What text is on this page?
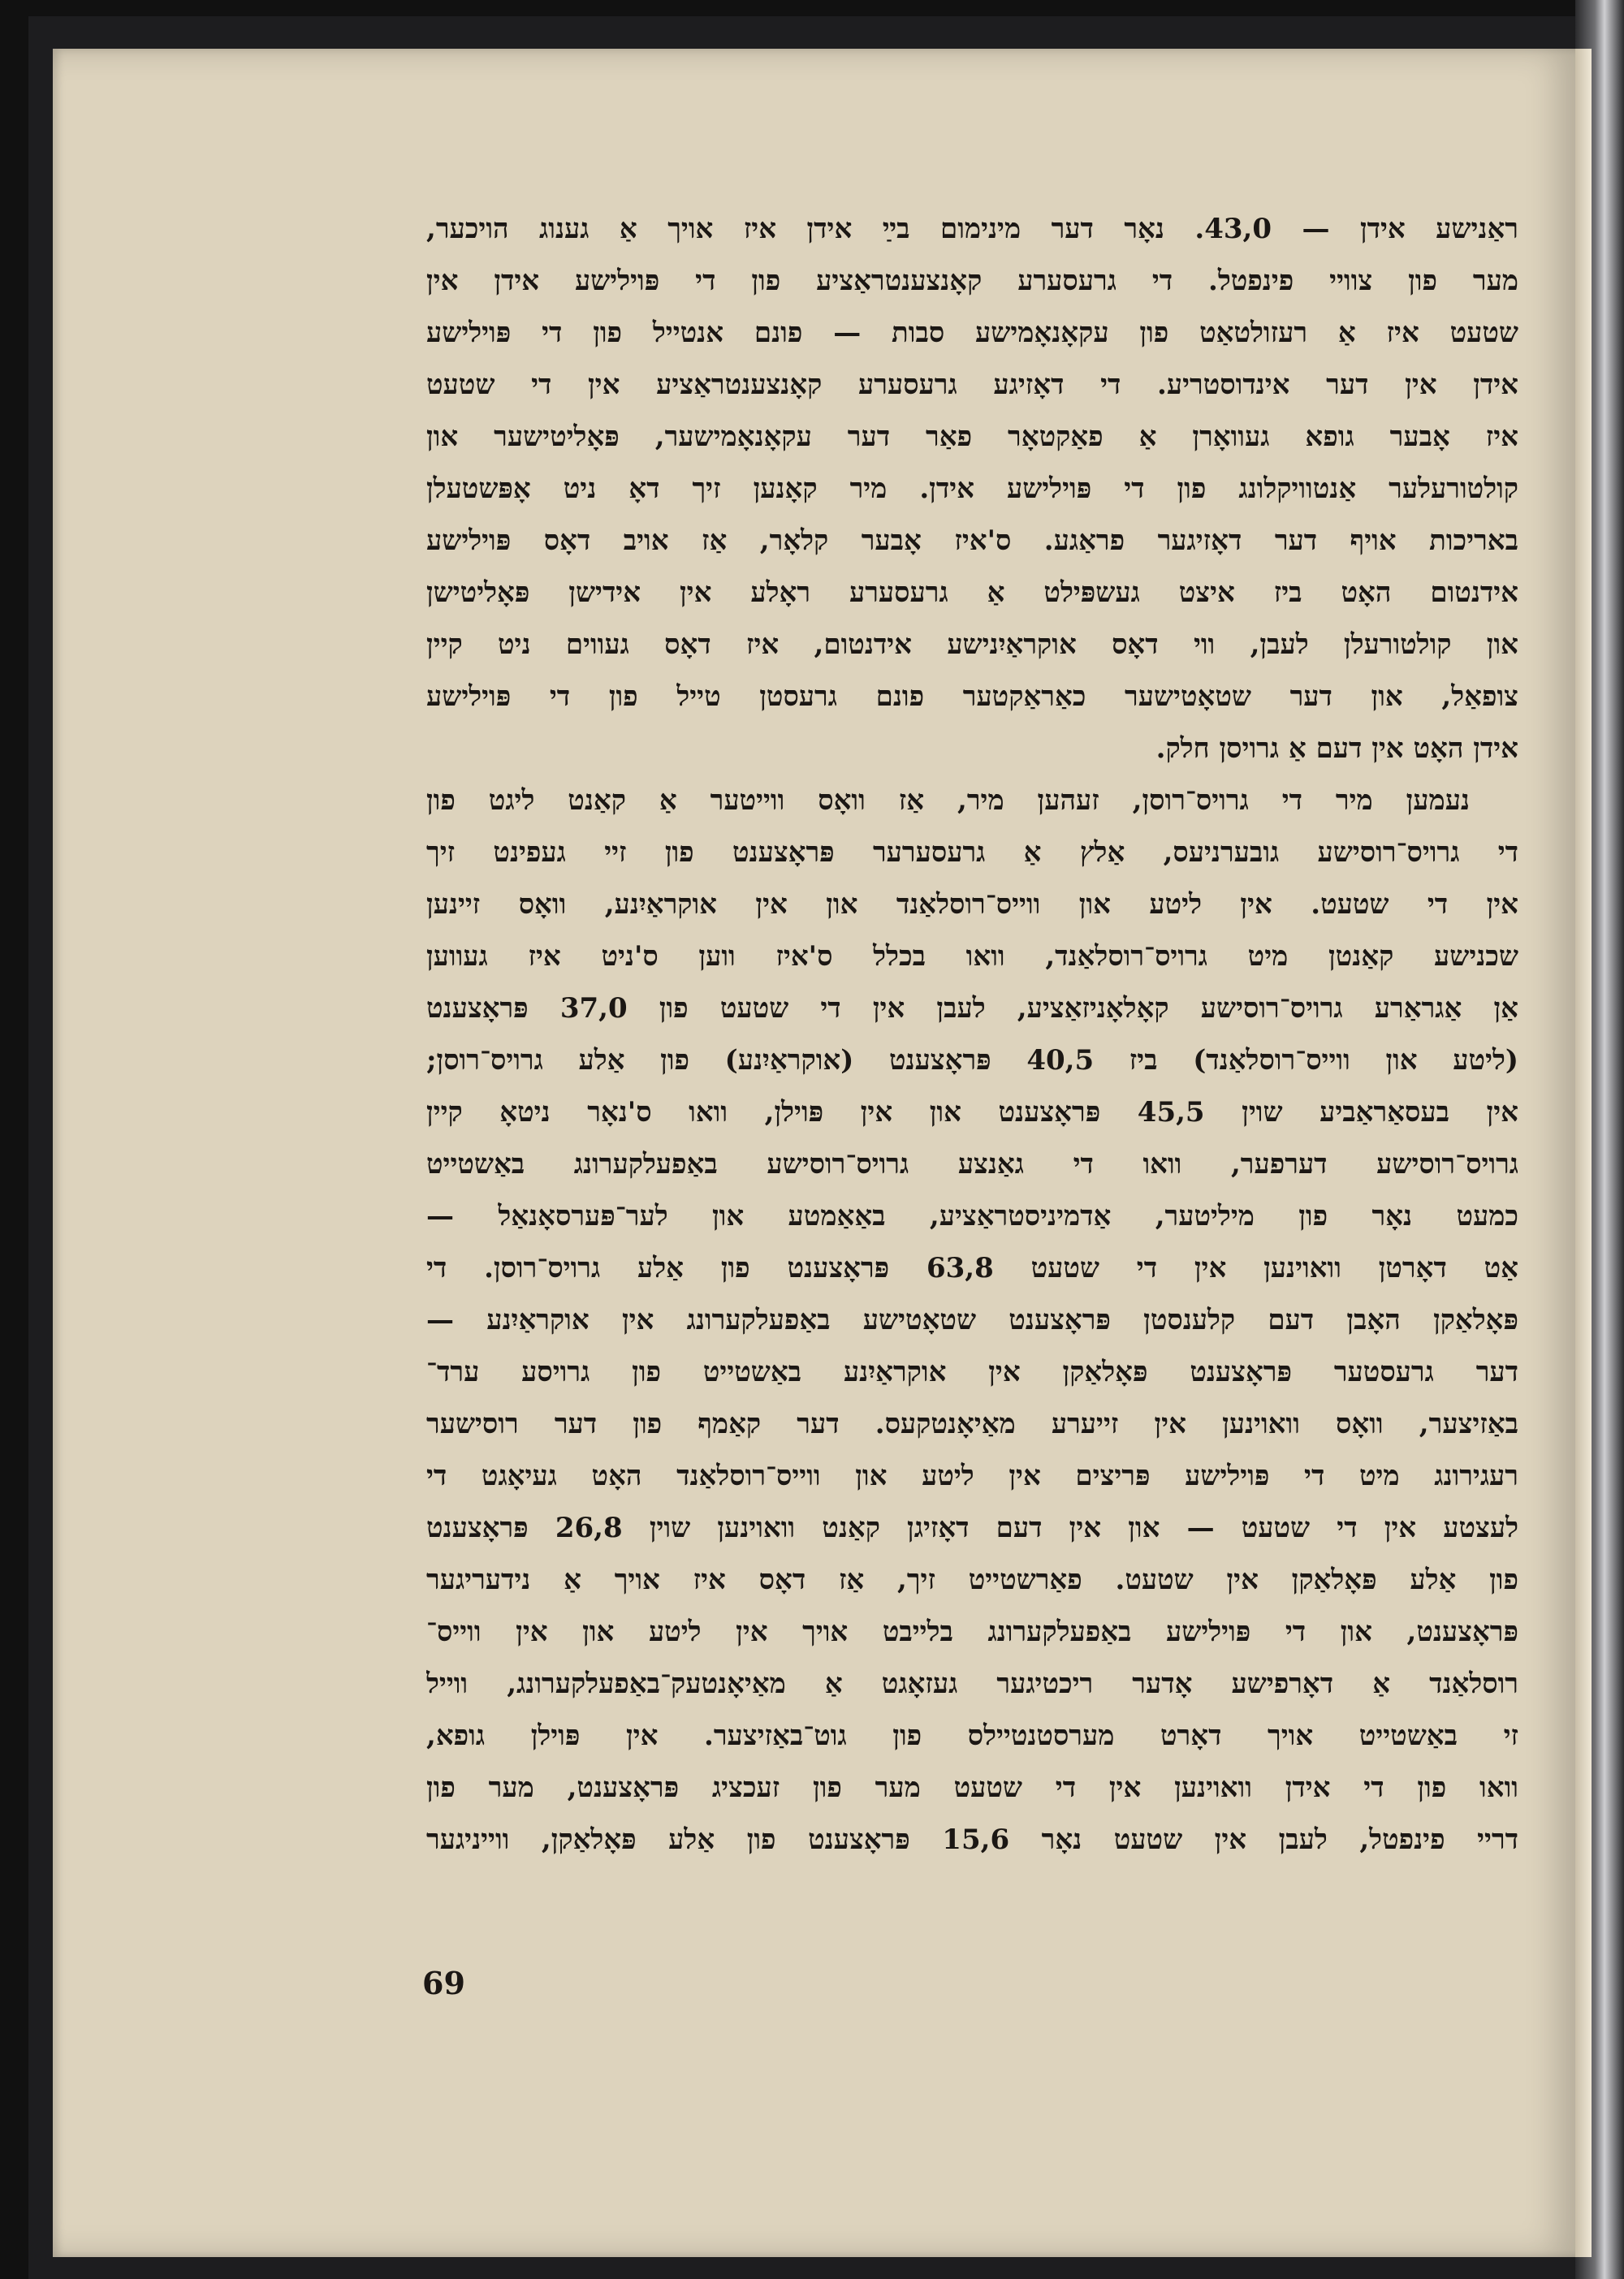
ראַנישע אידן — 43,0. נאָר דער מינימום בײַ אידן איז אויך אַ גענוג הויכער,
מער פון צוויי פינפטל. די גרעסערע קאָנצענטראַציע פון די פּוילישע אידן אין
שטעט איז אַ רעזולטאַט פון עקאָנאָמישע סבות — פונם אנטייל פון די פּוילישע
אידן אין דער אינדוסטריע. די דאָזיגע גרעסערע קאָנצענטראַציע אין די שטעט
איז אָבער גופא געוואָרן אַ פאַקטאָר פאַר דער עקאָנאָמישער, פּאָליטישער און
קולטורעלער אַנטוויקלונג פון די פּוילישע אידן. מיר קאָנען זיך דאָ ניט אָפּשטעלן
באריכות אויף דער דאָזיגער פראַגע. ס'איז אָבער קלאָר, אַז אויב דאָס פּוילישע
אידנטום האָט ביז איצט געשפּילט אַ גרעסערע ראָלע אין אידישן פּאָליטישן
און קולטורעלן לעבן, ווי דאָס אוקראַיִנישע אידנטום, איז דאָס געווים ניט קיין
צופאַל, און דער שטאָטישער כאַראַקטער פונם גרעסטן טייל פון די פּוילישע
אידן האָט אין דעם אַ גרויסן חלק.
נעמען מיר די גרויס־רוסן, זעהען מיר, אַז וואָס ווייטער אַ קאַנט ליגט פון
די גרויס־רוסישע גובערניעס, אַלץ אַ גרעסערער פּראָצענט פון זיי געפינט זיך
אין די שטעט. אין ליטע און ווייס־רוסלאַנד און אין אוקראַיִנע, וואָס זיינען
שכנישע קאַנטן מיט גרויס־רוסלאַנד, וואו בכלל ס'איז ווען ס'ניט איז געווען
אַן אַגראַרע גרויס־רוסישע קאָלאָניזאַציע, לעבן אין די שטעט פון 37,0 פּראָצענט
(ליטע און ווייס־רוסלאַנד) ביז 40,5 פּראָצענט (אוקראַיִנע) פון אַלע גרויס־רוסן;
אין בעסאַראַביע שוין 45,5 פּראָצענט און אין פּוילן, וואו ס'נאָר ניטאָ קיין
גרויס־רוסישע דערפער, וואו די גאַנצע גרויס־רוסישע באַפעלקערונג באַשטייט
כמעט נאָר פון מיליטער, אַדמיניסטראַציע, באַאַמטע און לער־פּערסאָנאַל —
אַט דאָרטן וואוינען אין די שטעט 63,8 פּראָצענט פון אַלע גרויס־רוסן. די
פּאָלאַקן האָבן דעם קלענסטן פּראָצענט שטאָטישע באַפעלקערונג אין אוקראַיִנע —
דער גרעסטער פּראָצענט פּאָלאַקן אין אוקראַיִנע באַשטייט פון גרויסע ערד־
באַזיצער, וואָס וואוינען אין זייערע מאַיאָנטקעס. דער קאַמף פון דער רוסישער
רעגירונג מיט די פּוילישע פּריצים אין ליטע און ווייס־רוסלאַנד האָט געיאָגט די
לעצטע אין די שטעט — און אין דעם דאָזיגן קאַנט וואוינען שוין 26,8 פּראָצענט
פון אַלע פּאָלאַקן אין שטעט. פאַרשטייט זיך, אַז דאָס איז אויך אַ נידעריגער
פּראָצענט, און די פּוילישע באַפעלקערונג בלייבט אויך אין ליטע און אין ווייס־
רוסלאַנד אַ דאָרפישע אָדער ריכטיגער געזאָגט אַ מאַיאָנטעק־באַפעלקערונג, ווייל
זי באַשטייט אויך דאָרט מערסטנטיילס פון גוט־באַזיצער. אין פּוילן גופא,
וואו פון די אידן וואוינען אין די שטעט מער פון זעכציג פּראָצענט, מער פון
דריי פינפטל, לעבן אין שטעט נאָר 15,6 פּראָצענט פון אַלע פּאָלאַקן, ווייניגער
69
